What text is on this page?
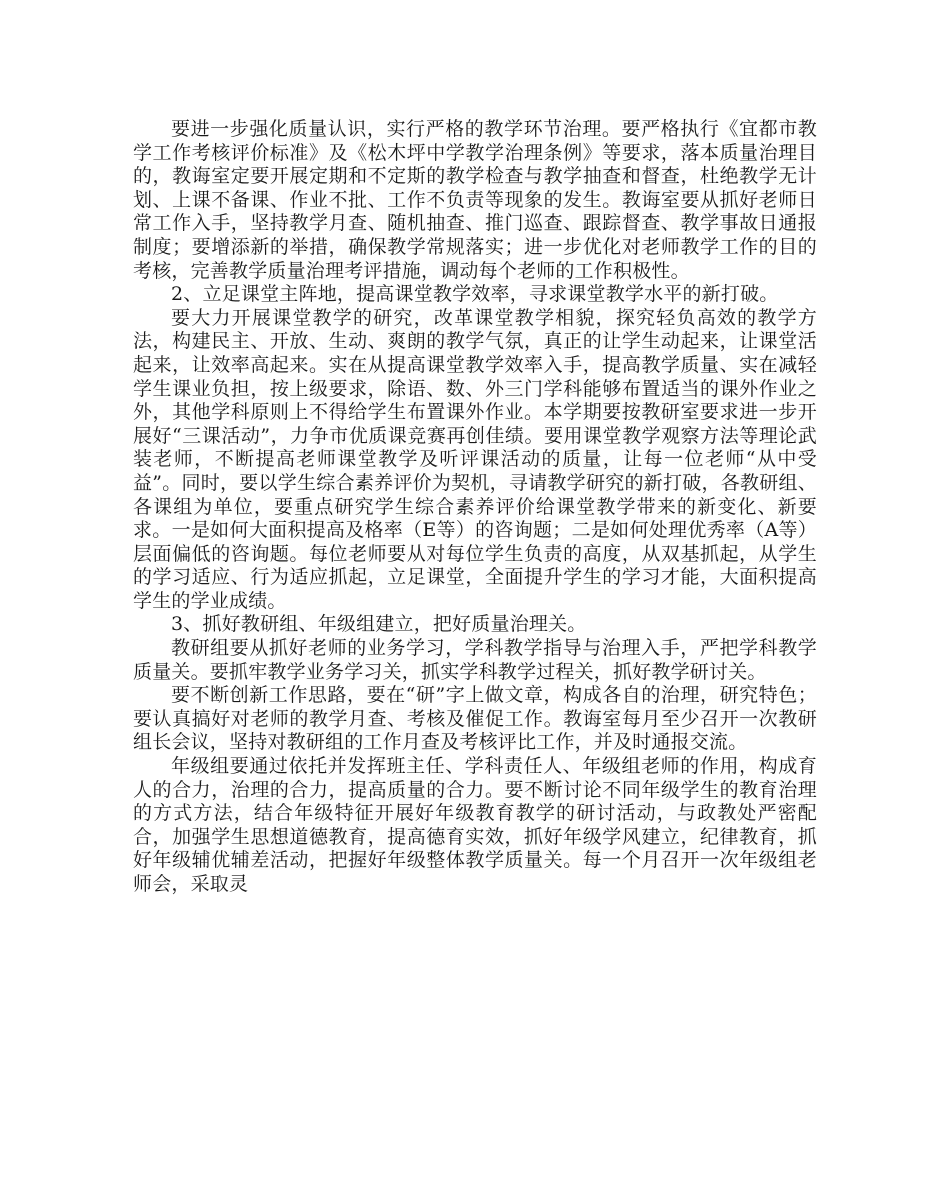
要进一步强化质量认识，实行严格的教学环节治理。要严格执行《宜都市教学工作考核评价标准》及《松木坪中学教学治理条例》等要求，落本质量治理目的，教诲室定要开展定期和不定斯的教学检查与教学抽查和督查，杜绝教学无计划、上课不备课、作业不批、工作不负责等现象的发生。教诲室要从抓好老师日常工作入手，坚持教学月查、随机抽查、推门巡查、跟踪督查、教学事故日通报制度；要增添新的举措，确保教学常规落实；进一步优化对老师教学工作的目的考核，完善教学质量治理考评措施，调动每个老师的工作积极性。

2、立足课堂主阵地，提高课堂教学效率，寻求课堂教学水平的新打破。

要大力开展课堂教学的研究，改革课堂教学相貌，探究轻负高效的教学方法，构建民主、开放、生动、爽朗的教学气氛，真正的让学生动起来，让课堂活起来，让效率高起来。实在从提高课堂教学效率入手，提高教学质量、实在减轻学生课业负担，按上级要求，除语、数、外三门学科能够布置适当的课外作业之外，其他学科原则上不得给学生布置课外作业。本学期要按教研室要求进一步开展好“三课活动”，力争市优质课竞赛再创佳绩。要用课堂教学观察方法等理论武装老师，不断提高老师课堂教学及听评课活动的质量，让每一位老师“从中受益”。同时，要以学生综合素养评价为契机，寻请教学研究的新打破，各教研组、各课组为单位，要重点研究学生综合素养评价给课堂教学带来的新变化、新要求。一是如何大面积提高及格率（E等）的咨询题；二是如何处理优秀率（A等）层面偏低的咨询题。每位老师要从对每位学生负责的高度，从双基抓起，从学生的学习适应、行为适应抓起，立足课堂，全面提升学生的学习才能，大面积提高学生的学业成绩。

3、抓好教研组、年级组建立，把好质量治理关。

教研组要从抓好老师的业务学习，学科教学指导与治理入手，严把学科教学质量关。要抓牢教学业务学习关，抓实学科教学过程关，抓好教学研讨关。

要不断创新工作思路，要在“研”字上做文章，构成各自的治理，研究特色；要认真搞好对老师的教学月查、考核及催促工作。教诲室每月至少召开一次教研组长会议，坚持对教研组的工作月查及考核评比工作，并及时通报交流。

年级组要通过依托并发挥班主任、学科责任人、年级组老师的作用，构成育人的合力，治理的合力，提高质量的合力。要不断讨论不同年级学生的教育治理的方式方法，结合年级特征开展好年级教育教学的研讨活动，与政教处严密配合，加强学生思想道德教育，提高德育实效，抓好年级学风建立，纪律教育，抓好年级辅优辅差活动，把握好年级整体教学质量关。每一个月召开一次年级组老师会，采取灵
